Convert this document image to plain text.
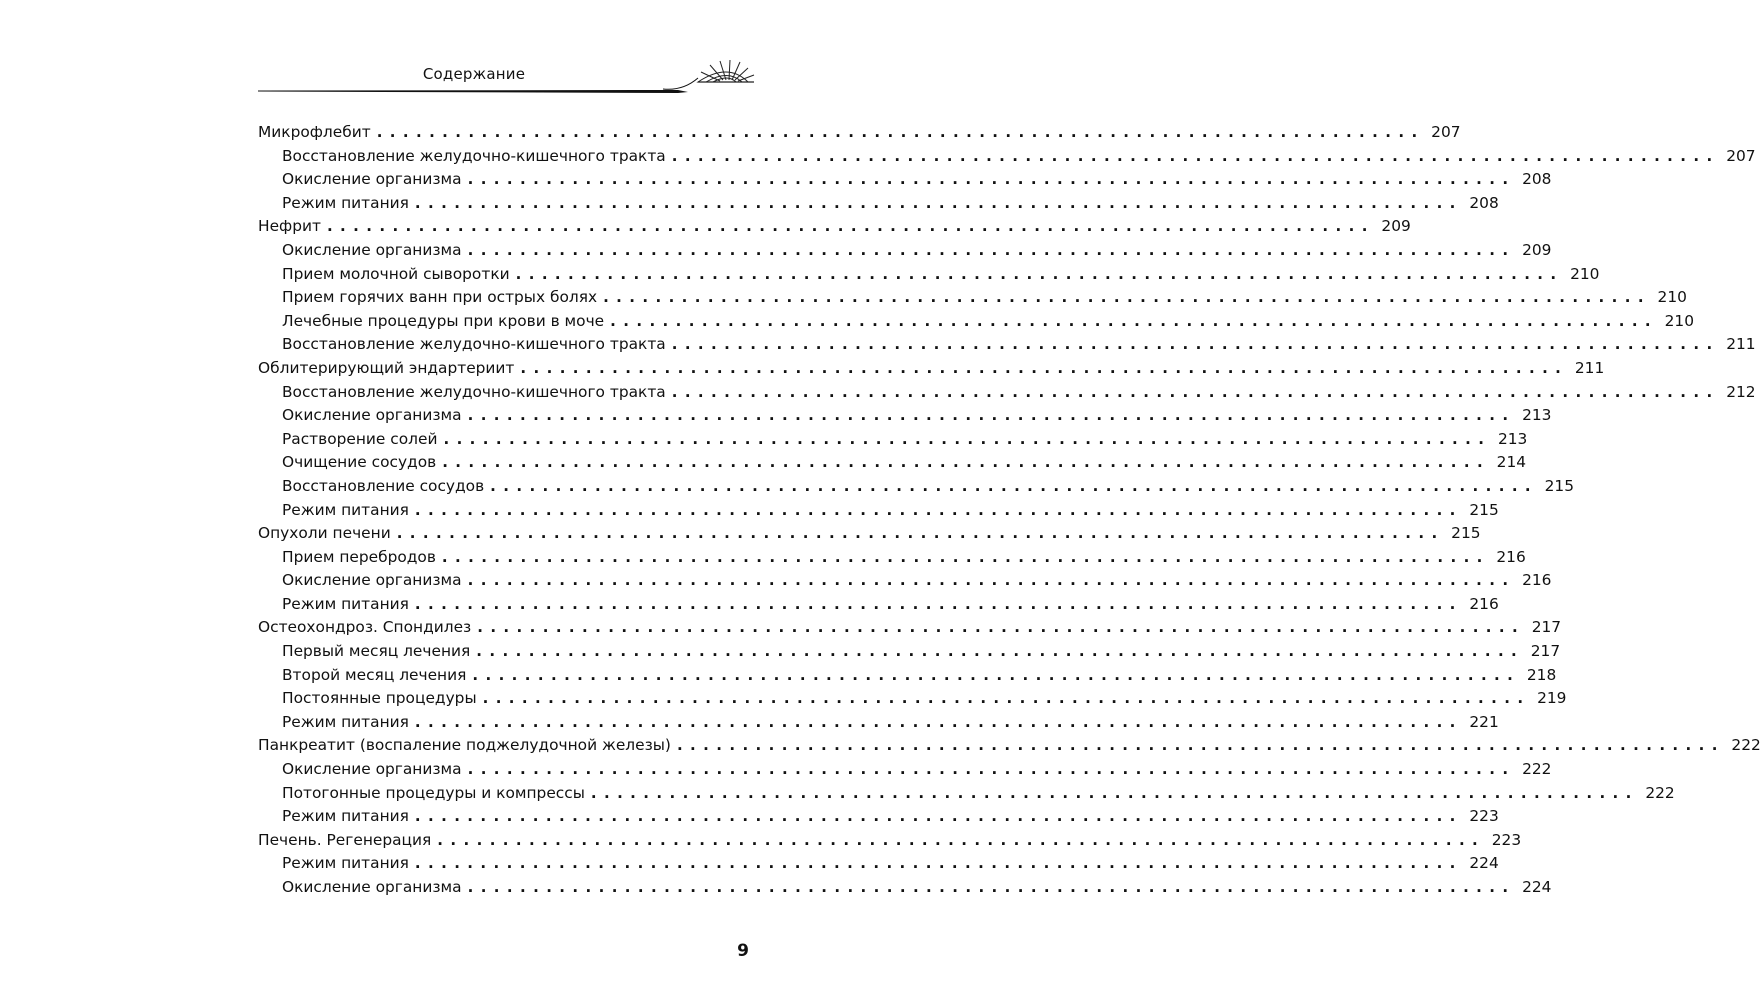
Содержание
Микрофлебит ................................................................................ 207
Восстановление желудочно-кишечного тракта ................................................................................ 207
Окисление организма ................................................................................ 208
Режим питания ................................................................................ 208
Нефрит ................................................................................ 209
Окисление организма ................................................................................ 209
Прием молочной сыворотки ................................................................................ 210
Прием горячих ванн при острых болях ................................................................................ 210
Лечебные процедуры при крови в моче ................................................................................ 210
Восстановление желудочно-кишечного тракта ................................................................................ 211
Облитерирующий эндартериит ................................................................................ 211
Восстановление желудочно-кишечного тракта ................................................................................ 212
Окисление организма ................................................................................ 213
Растворение солей ................................................................................ 213
Очищение сосудов ................................................................................ 214
Восстановление сосудов ................................................................................ 215
Режим питания ................................................................................ 215
Опухоли печени ................................................................................ 215
Прием перебродов ................................................................................ 216
Окисление организма ................................................................................ 216
Режим питания ................................................................................ 216
Остеохондроз. Спондилез ................................................................................ 217
Первый месяц лечения ................................................................................ 217
Второй месяц лечения ................................................................................ 218
Постоянные процедуры ................................................................................ 219
Режим питания ................................................................................ 221
Панкреатит (воспаление поджелудочной железы) ................................................................................ 222
Окисление организма ................................................................................ 222
Потогонные процедуры и компрессы ................................................................................ 222
Режим питания ................................................................................ 223
Печень. Регенерация ................................................................................ 223
Режим питания ................................................................................ 224
Окисление организма ................................................................................ 224
9
